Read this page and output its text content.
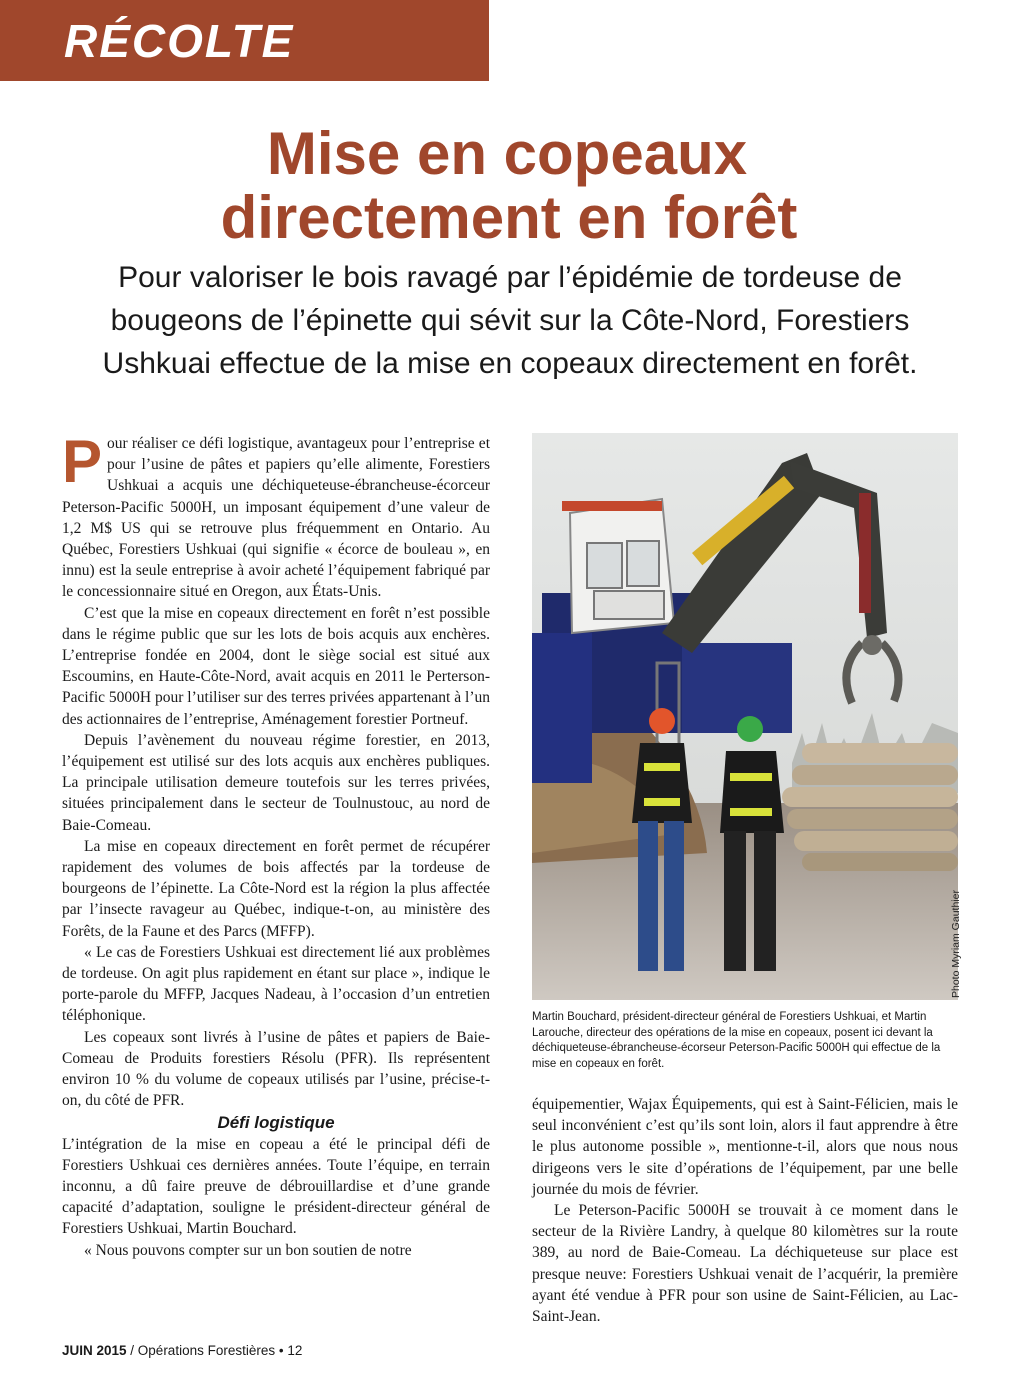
RÉCOLTE
Mise en copeaux
directement en forêt
Pour valoriser le bois ravagé par l’épidémie de tordeuse de bougeons de l’épinette qui sévit sur la Côte-Nord, Forestiers Ushkuai effectue de la mise en copeaux directement en forêt.

Pour réaliser ce défi logistique, avantageux pour l’entreprise et pour l’usine de pâtes et papiers qu’elle alimente, Forestiers Ushkuai a acquis une déchiqueteuse-ébrancheuse-écorceur Peterson-Pacific 5000H, un imposant équipement d’une valeur de 1,2 M$ US qui se retrouve plus fréquemment en Ontario. Au Québec, Forestiers Ushkuai (qui signifie « écorce de bouleau », en innu) est la seule entreprise à avoir acheté l’équipement fabriqué par le concessionnaire situé en Oregon, aux États-Unis.

C’est que la mise en copeaux directement en forêt n’est possible dans le régime public que sur les lots de bois acquis aux enchères. L’entreprise fondée en 2004, dont le siège social est situé aux Escoumins, en Haute-Côte-Nord, avait acquis en 2011 le Perterson-Pacific 5000H pour l’utiliser sur des terres privées appartenant à l’un des actionnaires de l’entreprise, Aménagement forestier Portneuf.

Depuis l’avènement du nouveau régime forestier, en 2013, l’équipement est utilisé sur des lots acquis aux enchères publiques. La principale utilisation demeure toutefois sur les terres privées, situées principalement dans le secteur de Toulnustouc, au nord de Baie-Comeau.

La mise en copeaux directement en forêt permet de récupérer rapidement des volumes de bois affectés par la tordeuse de bourgeons de l’épinette. La Côte-Nord est la région la plus affectée par l’insecte ravageur au Québec, indique-t-on, au ministère des Forêts, de la Faune et des Parcs (MFFP).

« Le cas de Forestiers Ushkuai est directement lié aux problèmes de tordeuse. On agit plus rapidement en étant sur place », indique le porte-parole du MFFP, Jacques Nadeau, à l’occasion d’un entretien téléphonique.

Les copeaux sont livrés à l’usine de pâtes et papiers de Baie-Comeau de Produits forestiers Résolu (PFR). Ils représentent environ 10 % du volume de copeaux utilisés par l’usine, précise-t-on, du côté de PFR.

Défi logistique

L’intégration de la mise en copeau a été le principal défi de Forestiers Ushkuai ces dernières années. Toute l’équipe, en terrain inconnu, a dû faire preuve de débrouillardise et d’une grande capacité d’adaptation, souligne le président-directeur général de Forestiers Ushkuai, Martin Bouchard.

« Nous pouvons compter sur un bon soutien de notre

Photo Myriam Gauthier
Martin Bouchard, président-directeur général de Forestiers Ushkuai, et Martin Larouche, directeur des opérations de la mise en copeaux, posent ici devant la déchiqueteuse-ébrancheuse-écorseur Peterson-Pacific 5000H qui effectue de la mise en copeaux en forêt.

équipementier, Wajax Équipements, qui est à Saint-Félicien, mais le seul inconvénient c’est qu’ils sont loin, alors il faut apprendre à être le plus autonome possible », mentionne-t-il, alors que nous nous dirigeons vers le site d’opérations de l’équipement, par une belle journée du mois de février.

Le Peterson-Pacific 5000H se trouvait à ce moment dans le secteur de la Rivière Landry, à quelque 80 kilomètres sur la route 389, au nord de Baie-Comeau. La déchiqueteuse sur place est presque neuve: Forestiers Ushkuai venait de l’acquérir, la première ayant été vendue à PFR pour son usine de Saint-Félicien, au Lac-Saint-Jean.

JUIN 2015 / Opérations Forestières • 12
